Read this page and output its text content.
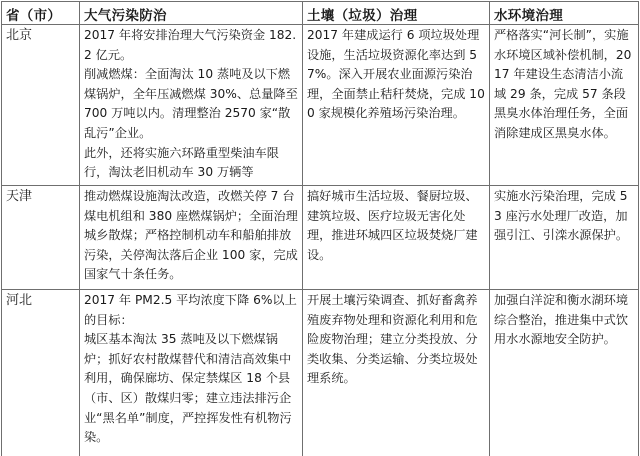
省（市）	大气污染防治	土壤（垃圾）治理	水环境治理
北京	2017 年将安排治理大气污染资金 182.2 亿元。

削减燃煤：全面淘汰 10 蒸吨及以下燃煤锅炉，全年压减燃煤 30%、总量降至 700 万吨以内。清理整治 2570 家“散乱污”企业。

此外，还将实施六环路重型柴油车限行，淘汰老旧机动车 30 万辆等	2017 年建成运行 6 项垃圾处理设施，生活垃圾资源化率达到 57%。深入开展农业面源污染治理，全面禁止秸秆焚烧，完成 100 家规模化养殖场污染治理。	严格落实“河长制”，实施水环境区域补偿机制，2017 年建设生态清洁小流域 29 条，完成 57 条段黑臭水体治理任务，全面消除建成区黑臭水体。

天津	推动燃煤设施淘汰改造，改燃关停 7 台煤电机组和 380 座燃煤锅炉；全面治理城乡散煤；严格控制机动车和船舶排放污染，关停淘汰落后企业 100 家，完成国家气十条任务。	搞好城市生活垃圾、餐厨垃圾、建筑垃圾、医疗垃圾无害化处理，推进环城四区垃圾焚烧厂建设。	实施水污染治理，完成 53 座污水处理厂改造，加强引江、引滦水源保护。

河北	2017 年 PM2.5 平均浓度下降 6%以上的目标：

城区基本淘汰 35 蒸吨及以下燃煤锅炉；抓好农村散煤替代和清洁高效集中利用，确保廊坊、保定禁煤区 18 个县（市、区）散煤归零；建立违法排污企业“黑名单”制度，严控挥发性有机物污染。	开展土壤污染调查、抓好畜禽养殖废弃物处理和资源化利用和危险废物治理；建立分类投放、分类收集、分类运输、分类垃圾处理系统。	加强白洋淀和衡水湖环境综合整治，推进集中式饮用水水源地安全防护。
